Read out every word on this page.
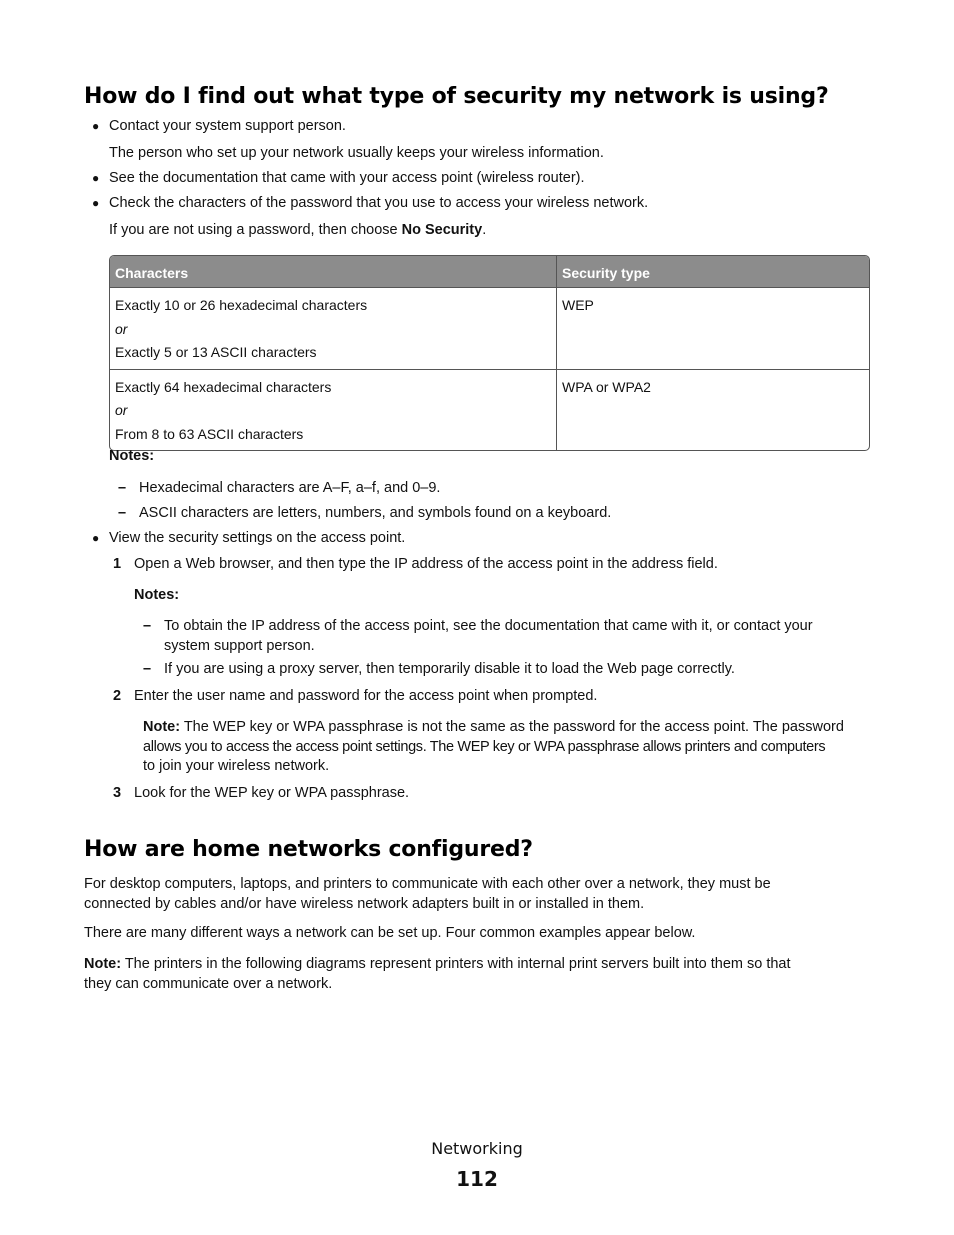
How do I find out what type of security my network is using?
● Contact your system support person.
The person who set up your network usually keeps your wireless information.
● See the documentation that came with your access point (wireless router).
● Check the characters of the password that you use to access your wireless network.
If you are not using a password, then choose No Security.
Characters	Security type

Exactly 10 or 26 hexadecimal characters
or
Exactly 5 or 13 ASCII characters	WEP

Exactly 64 hexadecimal characters
or
From 8 to 63 ASCII characters	WPA or WPA2
Notes:
– Hexadecimal characters are A–F, a–f, and 0–9.
– ASCII characters are letters, numbers, and symbols found on a keyboard.
● View the security settings on the access point.
1 Open a Web browser, and then type the IP address of the access point in the address field.
Notes:
– To obtain the IP address of the access point, see the documentation that came with it, or contact your
system support person.
– If you are using a proxy server, then temporarily disable it to load the Web page correctly.
2 Enter the user name and password for the access point when prompted.
Note: The WEP key or WPA passphrase is not the same as the password for the access point. The password
allows you to access the access point settings. The WEP key or WPA passphrase allows printers and computers
to join your wireless network.
3 Look for the WEP key or WPA passphrase.
How are home networks configured?
For desktop computers, laptops, and printers to communicate with each other over a network, they must be
connected by cables and/or have wireless network adapters built in or installed in them.
There are many different ways a network can be set up. Four common examples appear below.
Note: The printers in the following diagrams represent printers with internal print servers built into them so that
they can communicate over a network.
Networking
112
